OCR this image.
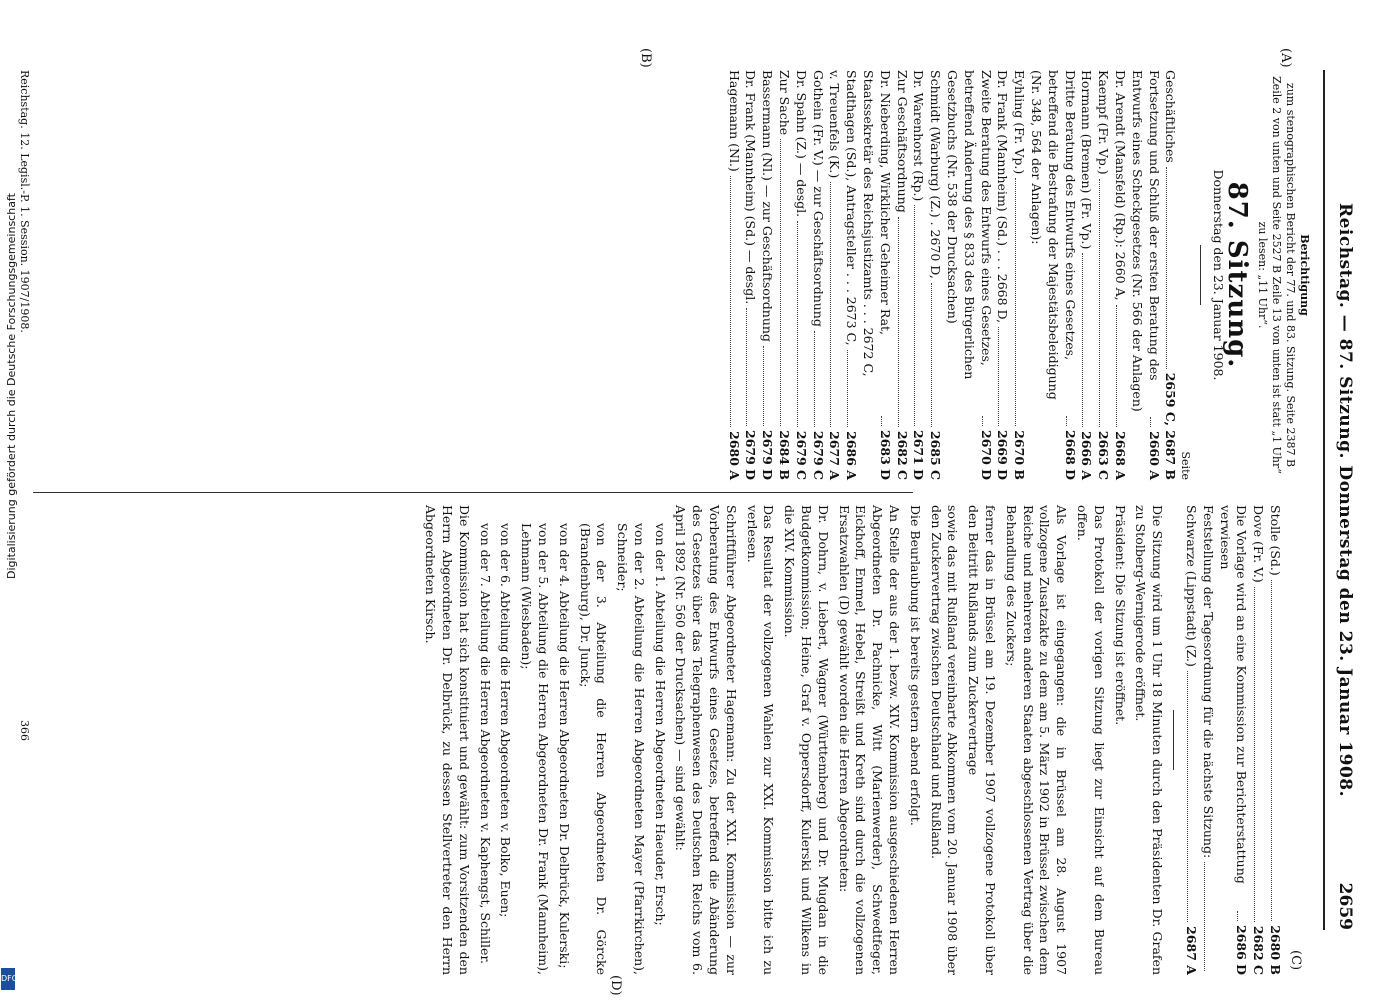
Reichstag. — 87. Sitzung. Donnerstag den 23. Januar 1908.
2659
(A)
(B)
(C)
Berichtigung

zum stenographischen Bericht der 77. und 83. Sitzung. Seite 2387 B Zeile 2 von unten und Seite 2527 B Zeile 13 von unten ist statt „1 Uhr“ zu lesen: „11 Uhr“.

87. Sitzung.
Donnerstag den 23. Januar 1908.
Seite
Geschäftliches
2659 C, 2687 B
Fortsetzung und Schluß der ersten Beratung des Entwurfs eines Scheckgesetzes (Nr. 566 der Anlagen)
2660 A
Dr. Arendt (Mansfeld) (Rp.): 2660 A,
2668 A
Kaempf (Fr. Vp.)
2663 C
Hormann (Bremen) (Fr. Vp.)
2666 A
Dritte Beratung des Entwurfs eines Gesetzes, betreffend die Bestrafung der Majestätsbeleidigung (Nr. 348, 564 der Anlagen):
2668 D
Eyhling (Fr. Vp.)
2670 B
Dr. Frank (Mannheim) (Sd.) . . . 2668 D,
2669 D
Zweite Beratung des Entwurfs eines Gesetzes, betreffend Änderung des § 833 des Bürgerlichen Gesetzbuchs (Nr. 538 der Drucksachen)
2670 D
Schmidt (Warburg) (Z.) . 2670 D,
2685 C
Dr. Warenhorst (Rp.)
2671 D
Zur Geschäftsordnung
2682 C
Dr. Nieberding, Wirklicher Geheimer Rat, Staatssekretär des Reichsjustizamts . . . 2672 C,
2683 D
Stadthagen (Sd.), Antragsteller . . . 2673 C,
2686 A
v. Treuenfels (K.)
2677 A
Gothein (Fr. V.) — zur Geschäftsordnung
2679 C
Dr. Spahn (Z.) — desgl.
2679 C
Zur Sache
2684 B
Bassermann (Nl.) — zur Geschäftsordnung
2679 D
Dr. Frank (Mannheim) (Sd.) — desgl.
2679 D
Hagemann (Nl.)
2680 A
Stolle (Sd.)
2680 B
Dove (Fr. V.)
2682 C
Die Vorlage wird an eine Kommission zur Berichterstattung verwiesen
2686 D
Feststellung der Tagesordnung für die nächste Sitzung:
Schwarze (Lippstadt) (Z.)
2687 A

Die Sitzung wird um 1 Uhr 18 Minuten durch den Präsidenten Dr. Grafen zu Stolberg-Wernigerode eröffnet.

Präsident: Die Sitzung ist eröffnet.

Das Protokoll der vorigen Sitzung liegt zur Einsicht auf dem Bureau offen.

Als Vorlage ist eingegangen: die in Brüssel am 28. August 1907 vollzogene Zusatzakte zu dem am 5. März 1902 in Brüssel zwischen dem Reiche und mehreren anderen Staaten abgeschlossenen Vertrag über die Behandlung des Zuckers;

ferner das in Brüssel am 19. Dezember 1907 vollzogene Protokoll über den Beitritt Rußlands zum Zuckervertrage

sowie das mit Rußland vereinbarte Abkommen vom 20. Januar 1908 über den Zuckervertrag zwischen Deutschland und Rußland.

Die Beurlaubung ist bereits gestern abend erfolgt.

An Stelle der aus der 1. bezw. XIV. Kommission ausgeschiedenen Herren Abgeordneten Dr. Pachnicke, Witt (Marienwerder), Schwedtfeger, Eickhoff, Emmel, Hebel, Streißt und Kreth sind durch die vollzogenen Ersatzwahlen (D) gewählt worden die Herren Abgeordneten:

Dr. Dohrn, v. Liebert, Wagner (Württemberg) und Dr. Mugdan in die Budgetkommission; Heine, Graf v. Oppersdorff, Kulerski und Wilkens in die XIV. Kommission.

Das Resultat der vollzogenen Wahlen zur XXI. Kommission bitte ich zu verlesen.

Schriftführer Abgeordneter Hagemann: Zu der XXI. Kommission — zur Vorberatung des Entwurfs eines Gesetzes, betreffend die Abänderung des Gesetzes über das Telegraphenwesen des Deutschen Reichs vom 6. April 1892 (Nr. 560 der Drucksachen) — sind gewählt:

von der 1. Abteilung die Herren Abgeordneten Haeuder, Ersch;

von der 2. Abteilung die Herren Abgeordneten Mayer (Pfarrkirchen), Schneider;

von der 3. Abteilung die Herren Abgeordneten Dr. Görcke (Brandenburg), Dr. Junck;

von der 4. Abteilung die Herren Abgeordneten Dr. Delbrück, Kulerski;

von der 5. Abteilung die Herren Abgeordneten Dr. Frank (Mannheim), Lehmann (Wiesbaden);

von der 6. Abteilung die Herren Abgeordneten v. Bolko, Euen;

von der 7. Abteilung die Herren Abgeordneten v. Kaphengst, Schiller.

Die Kommission hat sich konstituiert und gewählt: zum Vorsitzenden den Herrn Abgeordneten Dr. Delbrück, zu dessen Stellvertreter den Herrn Abgeordneten Kirsch.

Reichstag. 12. Legisl.-P. 1. Session. 1907/1908.
366
(D)
Digitalisierung gefördert durch die Deutsche Forschungsgemeinschaft
DFG
